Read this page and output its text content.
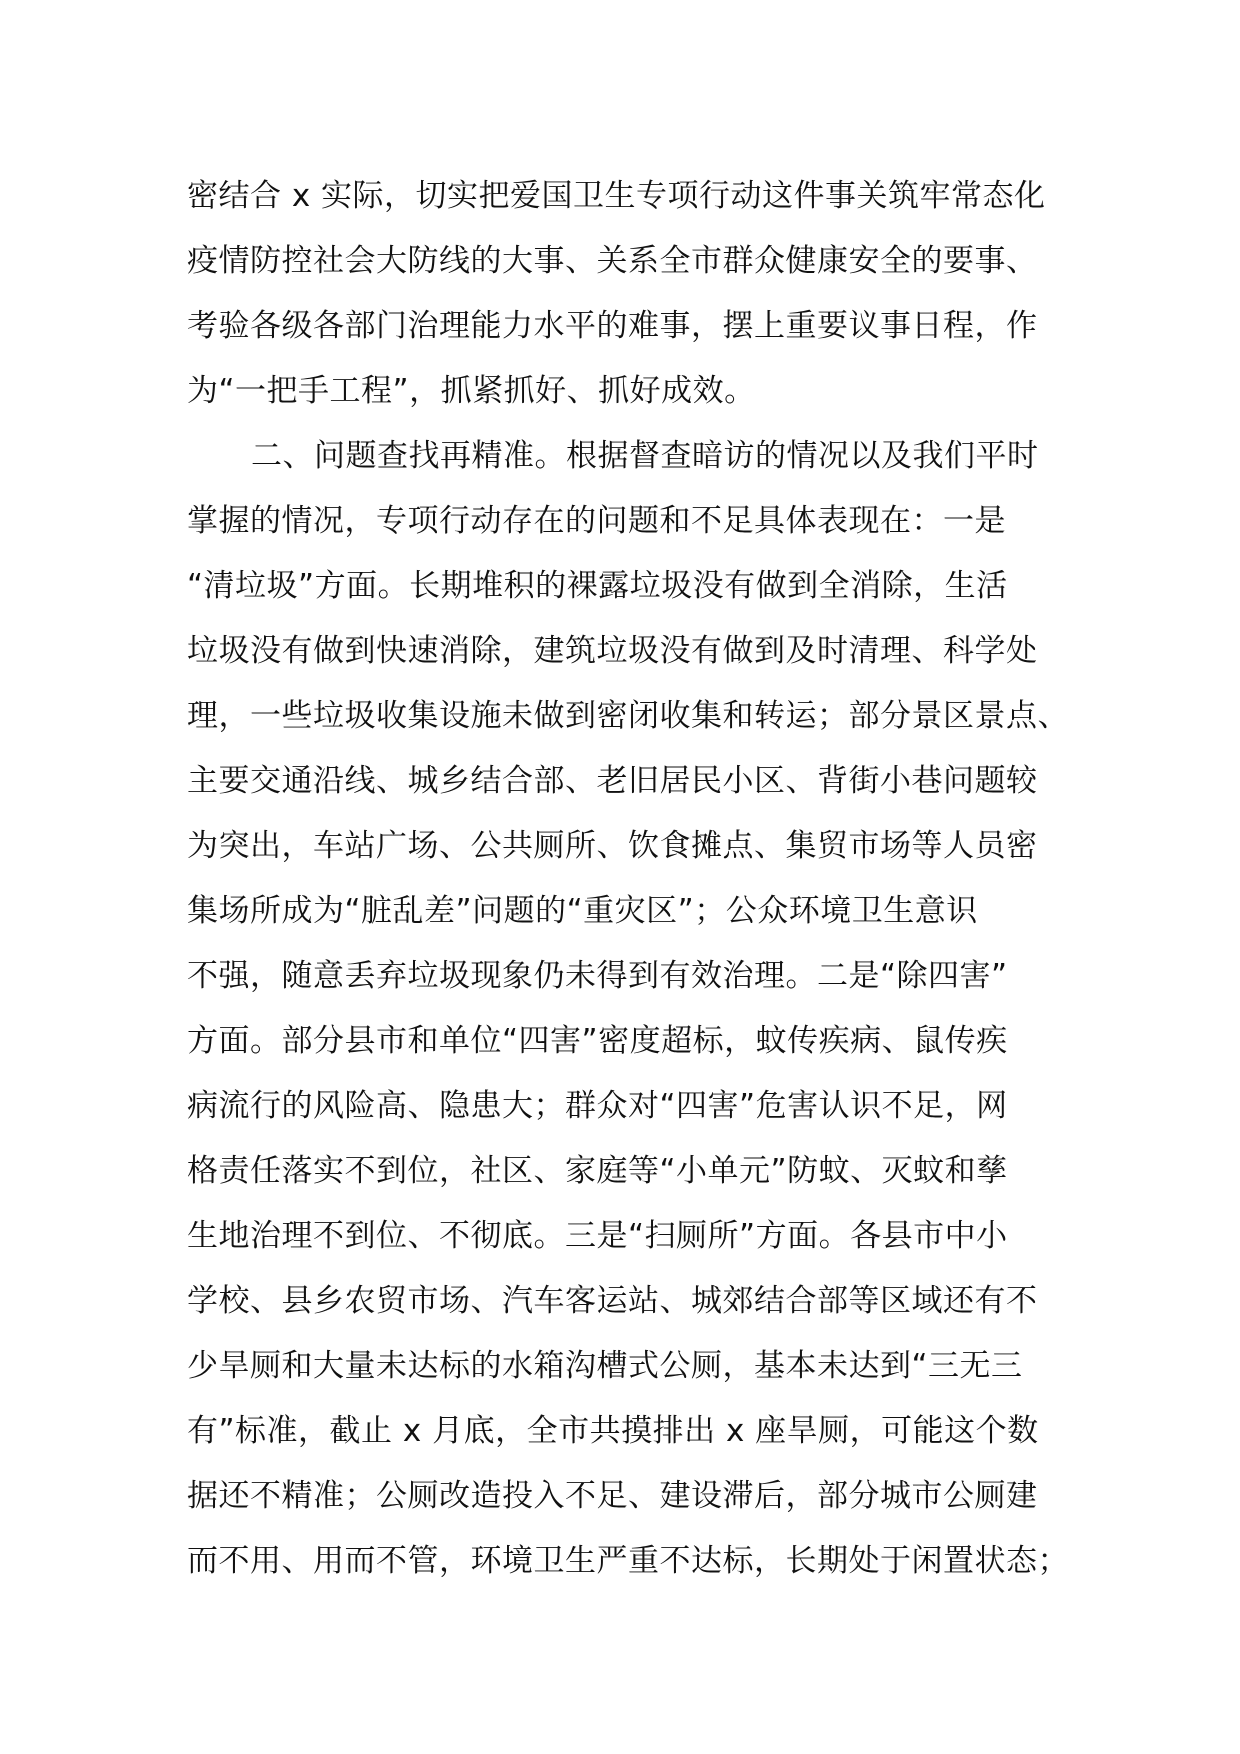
密结合 x 实际，切实把爱国卫生专项行动这件事关筑牢常态化
疫情防控社会大防线的大事、关系全市群众健康安全的要事、
考验各级各部门治理能力水平的难事，摆上重要议事日程，作
为“一把手工程”，抓紧抓好、抓好成效。
二、问题查找再精准。根据督查暗访的情况以及我们平时
掌握的情况，专项行动存在的问题和不足具体表现在：一是
“清垃圾”方面。长期堆积的裸露垃圾没有做到全消除，生活
垃圾没有做到快速消除，建筑垃圾没有做到及时清理、科学处
理，一些垃圾收集设施未做到密闭收集和转运；部分景区景点、
主要交通沿线、城乡结合部、老旧居民小区、背街小巷问题较
为突出，车站广场、公共厕所、饮食摊点、集贸市场等人员密
集场所成为“脏乱差”问题的“重灾区”；公众环境卫生意识
不强，随意丢弃垃圾现象仍未得到有效治理。二是“除四害”
方面。部分县市和单位“四害”密度超标，蚊传疾病、鼠传疾
病流行的风险高、隐患大；群众对“四害”危害认识不足，网
格责任落实不到位，社区、家庭等“小单元”防蚊、灭蚊和孳
生地治理不到位、不彻底。三是“扫厕所”方面。各县市中小
学校、县乡农贸市场、汽车客运站、城郊结合部等区域还有不
少旱厕和大量未达标的水箱沟槽式公厕，基本未达到“三无三
有”标准，截止 x 月底，全市共摸排出 x 座旱厕，可能这个数
据还不精准；公厕改造投入不足、建设滞后，部分城市公厕建
而不用、用而不管，环境卫生严重不达标，长期处于闲置状态；
